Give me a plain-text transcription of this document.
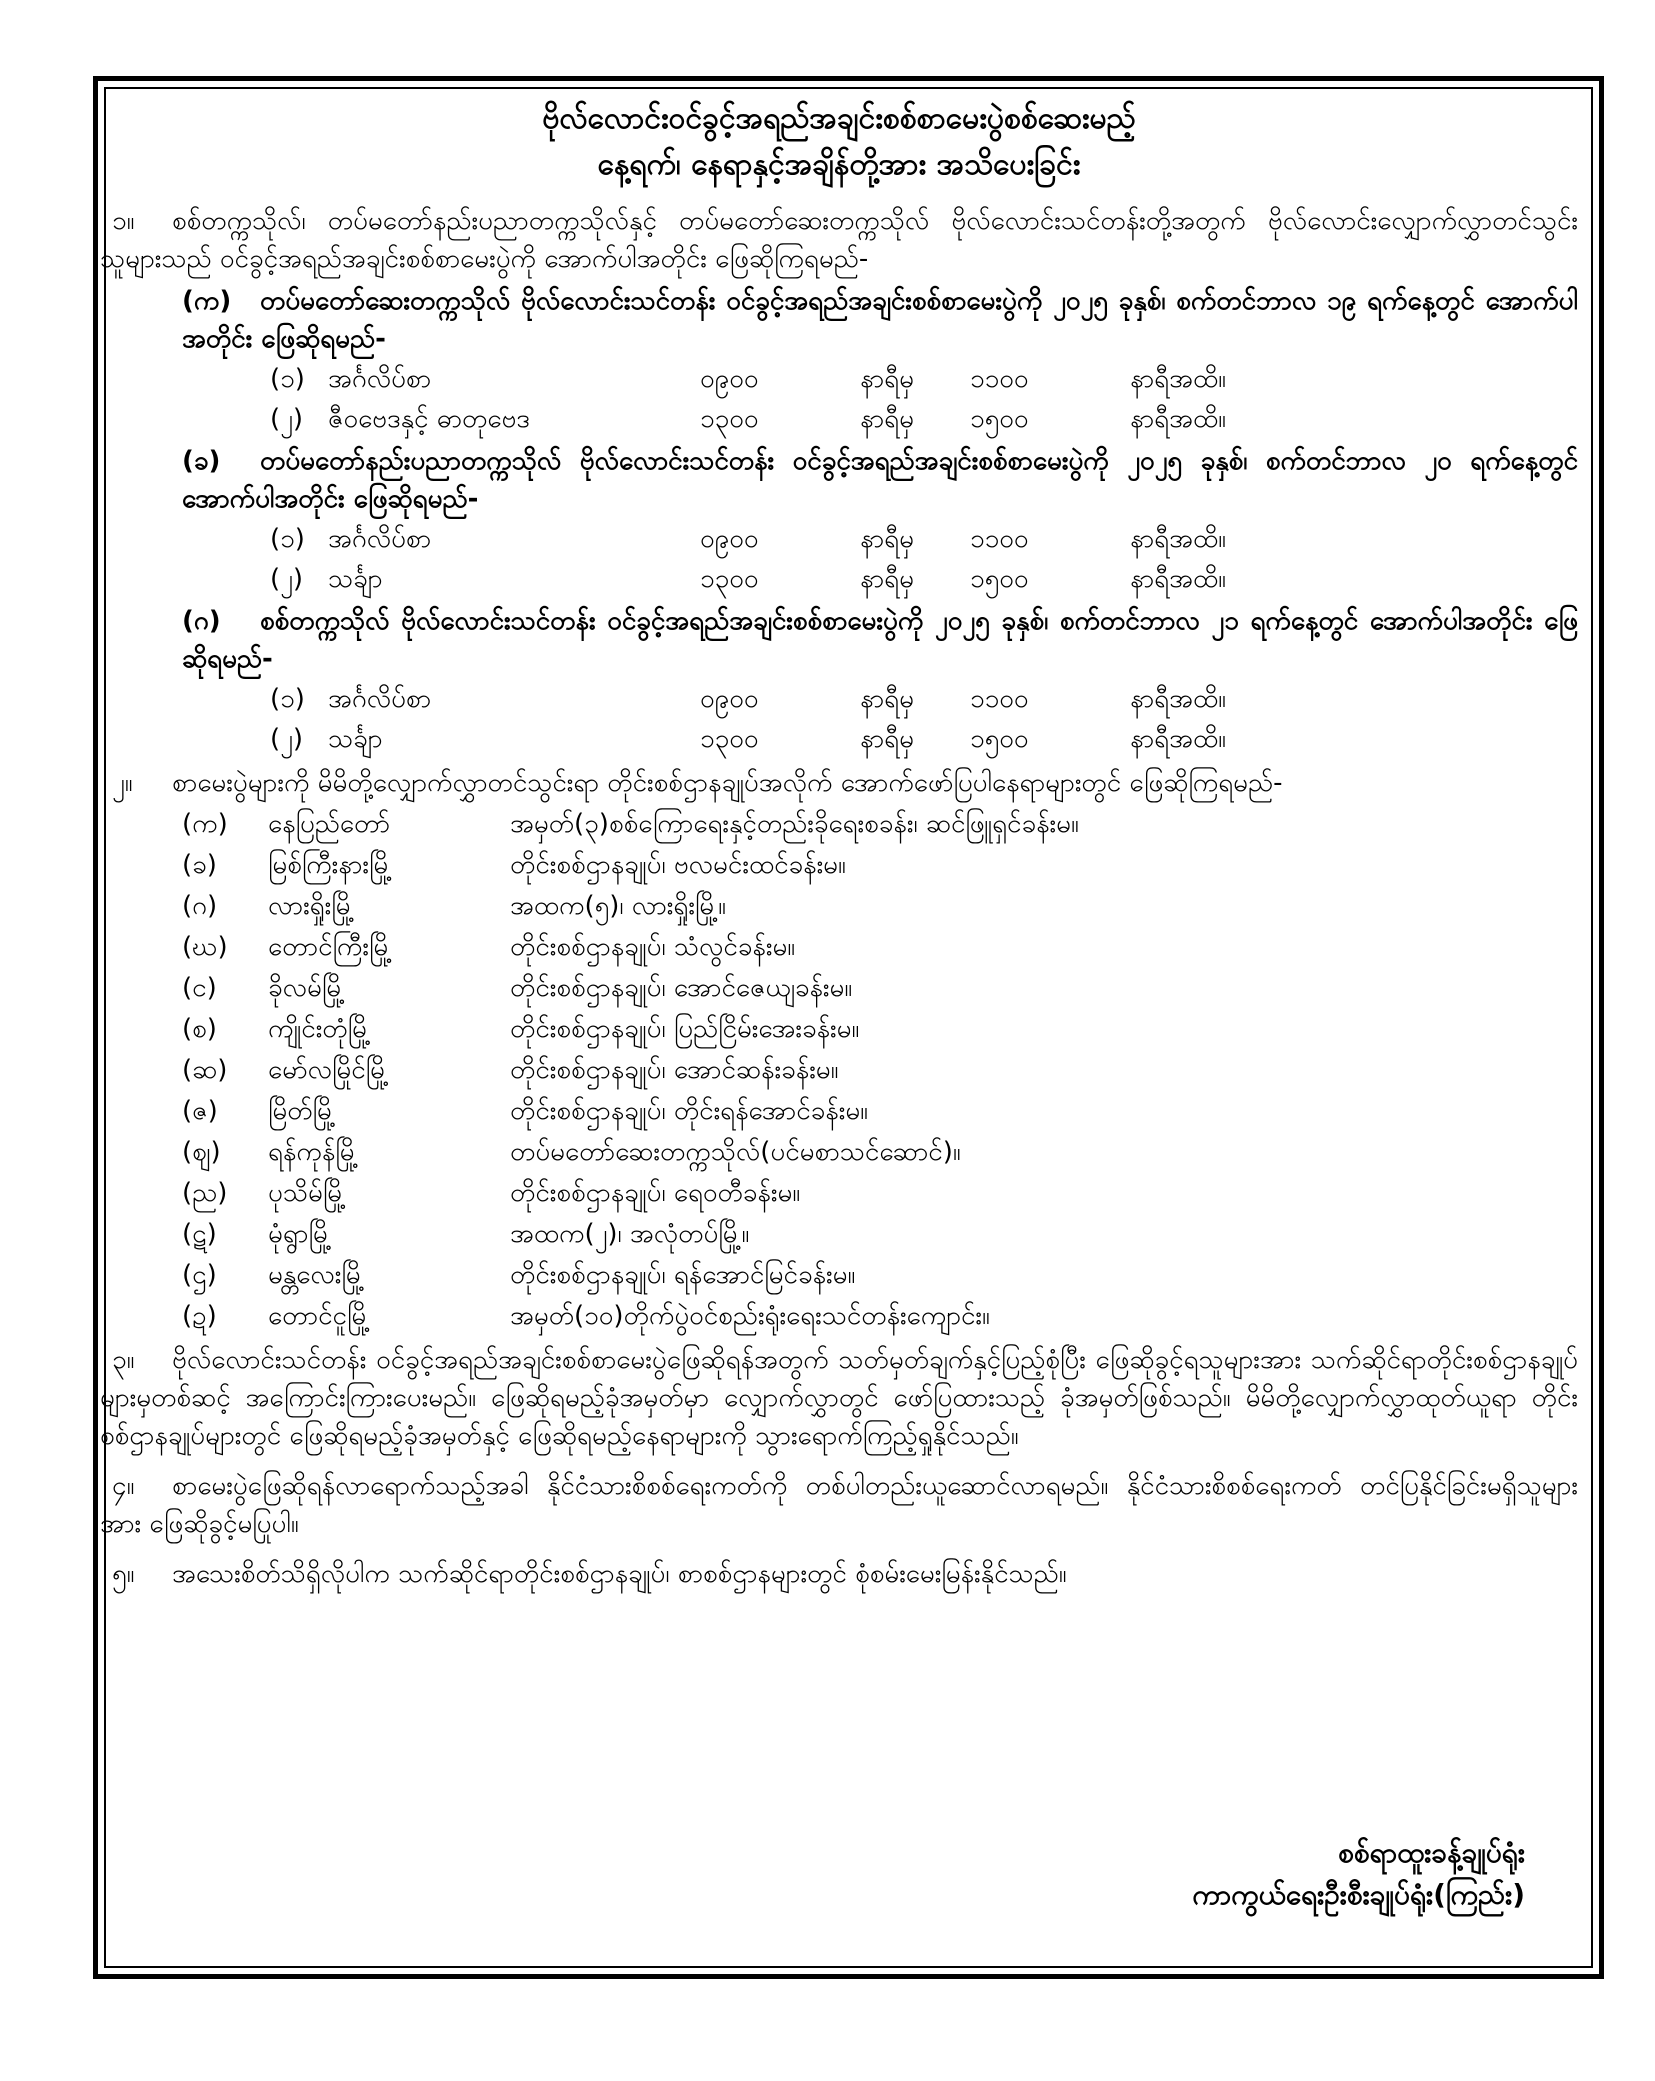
ဗိုလ်လောင်းဝင်ခွင့်အရည်အချင်းစစ်စာမေးပွဲစစ်ဆေးမည့်
နေ့ရက်၊ နေရာနှင့်အချိန်တို့အား အသိပေးခြင်း
၁။ စစ်တက္ကသိုလ်၊ တပ်မတော်နည်းပညာတက္ကသိုလ်နှင့် တပ်မတော်ဆေးတက္ကသိုလ် ဗိုလ်လောင်းသင်တန်းတို့အတွက် ဗိုလ်လောင်းလျှောက်လွှာတင်သွင်းသူများသည် ဝင်ခွင့်အရည်အချင်းစစ်စာမေးပွဲကို အောက်ပါအတိုင်း ဖြေဆိုကြရမည်-
(က) တပ်မတော်ဆေးတက္ကသိုလ် ဗိုလ်လောင်းသင်တန်း ဝင်ခွင့်အရည်အချင်းစစ်စာမေးပွဲကို ၂၀၂၅ ခုနှစ်၊ စက်တင်ဘာလ ၁၉ ရက်နေ့တွင် အောက်ပါအတိုင်း ဖြေဆိုရမည်-
(၁) အင်္ဂလိပ်စာ	၀၉၀၀	နာရီမှ ၁၁၀၀	နာရီအထိ။
(၂) ဇီဝဗေဒနှင့် ဓာတုဗေဒ	၁၃၀၀	နာရီမှ ၁၅၀၀	နာရီအထိ။
(ခ) တပ်မတော်နည်းပညာတက္ကသိုလ် ဗိုလ်လောင်းသင်တန်း ဝင်ခွင့်အရည်အချင်းစစ်စာမေးပွဲကို ၂၀၂၅ ခုနှစ်၊ စက်တင်ဘာလ ၂၀ ရက်နေ့တွင် အောက်ပါအတိုင်း ဖြေဆိုရမည်-
(၁) အင်္ဂလိပ်စာ	၀၉၀၀	နာရီမှ ၁၁၀၀	နာရီအထိ။
(၂) သင်္ချာ	၁၃၀၀	နာရီမှ ၁၅၀၀	နာရီအထိ။
(ဂ) စစ်တက္ကသိုလ် ဗိုလ်လောင်းသင်တန်း ဝင်ခွင့်အရည်အချင်းစစ်စာမေးပွဲကို ၂၀၂၅ ခုနှစ်၊ စက်တင်ဘာလ ၂၁ ရက်နေ့တွင် အောက်ပါအတိုင်း ဖြေဆိုရမည်-
(၁) အင်္ဂလိပ်စာ	၀၉၀၀	နာရီမှ ၁၁၀၀	နာရီအထိ။
(၂) သင်္ချာ	၁၃၀၀	နာရီမှ ၁၅၀၀	နာရီအထိ။
၂။ စာမေးပွဲများကို မိမိတို့လျှောက်လွှာတင်သွင်းရာ တိုင်းစစ်ဌာနချုပ်အလိုက် အောက်ဖော်ပြပါနေရာများတွင် ဖြေဆိုကြရမည်-
(က) နေပြည်တော်	အမှတ်(၃)စစ်ကြောရေးနှင့်တည်းခိုရေးစခန်း၊ ဆင်ဖြူရှင်ခန်းမ။
(ခ) မြစ်ကြီးနားမြို့	တိုင်းစစ်ဌာနချုပ်၊ ဗလမင်းထင်ခန်းမ။
(ဂ) လားရှိုးမြို့	အထက(၅)၊ လားရှိုးမြို့။
(ဃ) တောင်ကြီးမြို့	တိုင်းစစ်ဌာနချုပ်၊ သံလွင်ခန်းမ။
(င) ခိုလမ်မြို့	တိုင်းစစ်ဌာနချုပ်၊ အောင်ဇေယျခန်းမ။
(စ) ကျိုင်းတုံမြို့	တိုင်းစစ်ဌာနချုပ်၊ ပြည်ငြိမ်းအေးခန်းမ။
(ဆ) မော်လမြိုင်မြို့	တိုင်းစစ်ဌာနချုပ်၊ အောင်ဆန်းခန်းမ။
(ဇ) မြိတ်မြို့	တိုင်းစစ်ဌာနချုပ်၊ တိုင်းရန်အောင်ခန်းမ။
(ဈ) ရန်ကုန်မြို့	တပ်မတော်ဆေးတက္ကသိုလ်(ပင်မစာသင်ဆောင်)။
(ည) ပုသိမ်မြို့	တိုင်းစစ်ဌာနချုပ်၊ ရေဝတီခန်းမ။
(ဋ) မုံရွာမြို့	အထက(၂)၊ အလုံတပ်မြို့။
(ဌ) မန္တလေးမြို့	တိုင်းစစ်ဌာနချုပ်၊ ရန်အောင်မြင်ခန်းမ။
(ဍ) တောင်ငူမြို့	အမှတ်(၁၀)တိုက်ပွဲဝင်စည်းရုံးရေးသင်တန်းကျောင်း။
၃။ ဗိုလ်လောင်းသင်တန်း ဝင်ခွင့်အရည်အချင်းစစ်စာမေးပွဲဖြေဆိုရန်အတွက် သတ်မှတ်ချက်နှင့်ပြည့်စုံပြီး ဖြေဆိုခွင့်ရသူများအား သက်ဆိုင်ရာတိုင်းစစ်ဌာနချုပ်များမှတစ်ဆင့် အကြောင်းကြားပေးမည်။ ဖြေဆိုရမည့်ခုံအမှတ်မှာ လျှောက်လွှာတွင် ဖော်ပြထားသည့် ခုံအမှတ်ဖြစ်သည်။ မိမိတို့လျှောက်လွှာထုတ်ယူရာ တိုင်းစစ်ဌာနချုပ်များတွင် ဖြေဆိုရမည့်ခုံအမှတ်နှင့် ဖြေဆိုရမည့်နေရာများကို သွားရောက်ကြည့်ရှုနိုင်သည်။
၄။ စာမေးပွဲဖြေဆိုရန်လာရောက်သည့်အခါ နိုင်ငံသားစိစစ်ရေးကတ်ကို တစ်ပါတည်းယူဆောင်လာရမည်။ နိုင်ငံသားစိစစ်ရေးကတ် တင်ပြနိုင်ခြင်းမရှိသူများအား ဖြေဆိုခွင့်မပြုပါ။
၅။ အသေးစိတ်သိရှိလိုပါက သက်ဆိုင်ရာတိုင်းစစ်ဌာနချုပ်၊ စာစစ်ဌာနများတွင် စုံစမ်းမေးမြန်းနိုင်သည်။
စစ်ရာထူးခန့်ချုပ်ရုံး
ကာကွယ်ရေးဦးစီးချုပ်ရုံး(ကြည်း)
